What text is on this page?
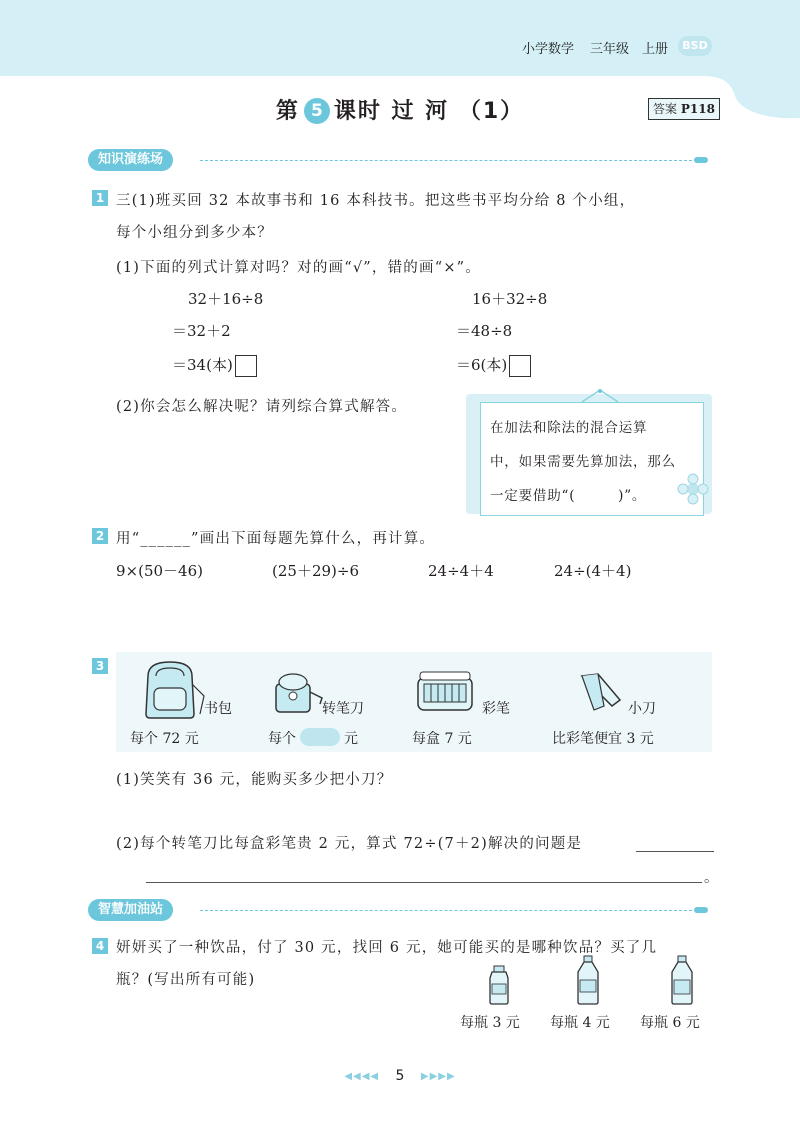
小学数学 三年级 上册	BSD
第 5 课时 过 河 （1）	答案 P118
知识演练场
1 三(1)班买回 32 本故事书和 16 本科技书。把这些书平均分给 8 个小组，
每个小组分到多少本？
(1)下面的列式计算对吗？对的画“√”，错的画“×”。
32＋16÷8
＝32＋2
＝34(本)
16＋32÷8
＝48÷8
＝6(本)
(2)你会怎么解决呢？请列综合算式解答。
在加法和除法的混合运算
中，如果需要先算加法，那么
一定要借助“(　　　)”。
2 用“______”画出下面每题先算什么，再计算。
9×(50－46)	(25＋29)÷6	24÷4＋4	24÷(4＋4)
3
书包
每个 72 元
转笔刀
每个	元
彩笔
每盒 7 元
小刀
比彩笔便宜 3 元
(1)笑笑有 36 元，能购买多少把小刀？
(2)每个转笔刀比每盒彩笔贵 2 元，算式 72÷(7＋2)解决的问题是
。
智慧加油站
4 妍妍买了一种饮品，付了 30 元，找回 6 元，她可能买的是哪种饮品？买了几
瓶？(写出所有可能)
每瓶 3 元 每瓶 4 元 每瓶 6 元
◀◀◀◀ 5 ▶▶▶▶
